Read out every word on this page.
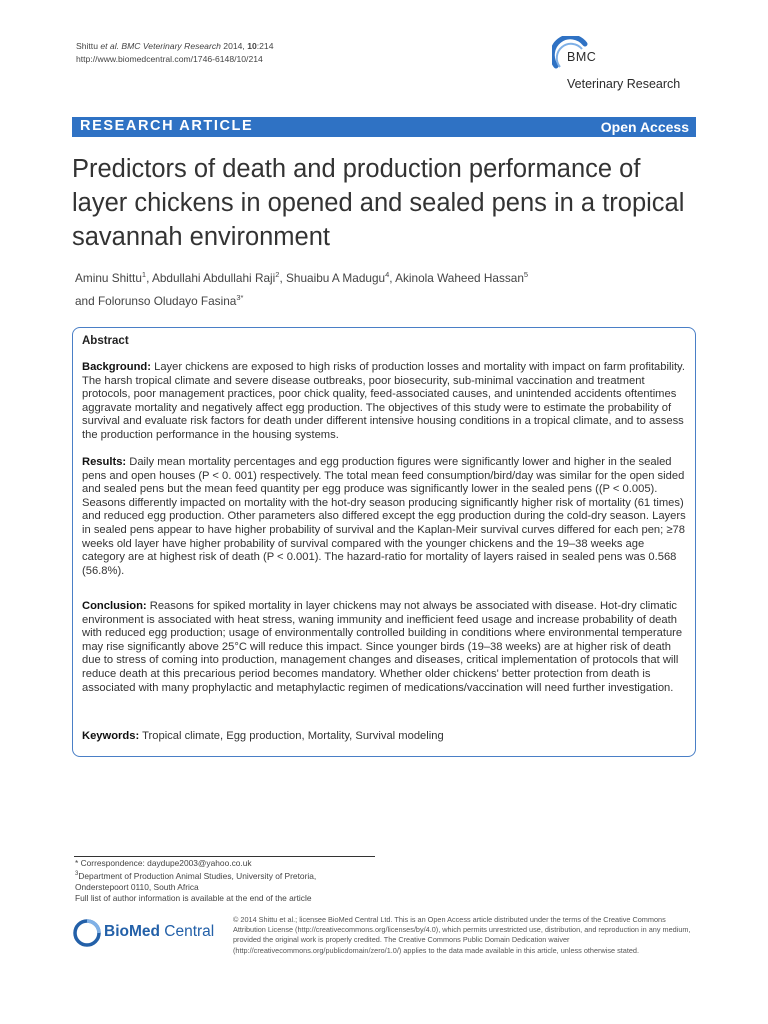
Shittu et al. BMC Veterinary Research 2014, 10:214
http://www.biomedcentral.com/1746-6148/10/214	BMC
Veterinary Research
RESEARCH ARTICLE	Open Access
Predictors of death and production performance of layer chickens in opened and sealed pens in a tropical savannah environment
Aminu Shittu$^1$, Abdullahi Abdullahi Raji$^2$, Shuaibu A Madugu$^4$, Akinola Waheed Hassan$^5$
and Folorunso Oludayo Fasina$^{3*}$
Abstract

Background: Layer chickens are exposed to high risks of production losses and mortality with impact on farm profitability. The harsh tropical climate and severe disease outbreaks, poor biosecurity, sub-minimal vaccination and treatment protocols, poor management practices, poor chick quality, feed-associated causes, and unintended accidents oftentimes aggravate mortality and negatively affect egg production. The objectives of this study were to estimate the probability of survival and evaluate risk factors for death under different intensive housing conditions in a tropical climate, and to assess the production performance in the housing systems.

Results: Daily mean mortality percentages and egg production figures were significantly lower and higher in the sealed pens and open houses (P < 0. 001) respectively. The total mean feed consumption/bird/day was similar for the open sided and sealed pens but the mean feed quantity per egg produce was significantly lower in the sealed pens ((P < 0.005). Seasons differently impacted on mortality with the hot-dry season producing significantly higher risk of mortality (61 times) and reduced egg production. Other parameters also differed except the egg production during the cold-dry season. Layers in sealed pens appear to have higher probability of survival and the Kaplan-Meir survival curves differed for each pen; ≥78 weeks old layer have higher probability of survival compared with the younger chickens and the 19–38 weeks age category are at highest risk of death (P < 0.001). The hazard-ratio for mortality of layers raised in sealed pens was 0.568 (56.8%).

Conclusion: Reasons for spiked mortality in layer chickens may not always be associated with disease. Hot-dry climatic environment is associated with heat stress, waning immunity and inefficient feed usage and increase probability of death with reduced egg production; usage of environmentally controlled building in conditions where environmental temperature may rise significantly above 25°C will reduce this impact. Since younger birds (19–38 weeks) are at higher risk of death due to stress of coming into production, management changes and diseases, critical implementation of protocols that will reduce death at this precarious period becomes mandatory. Whether older chickens' better protection from death is associated with many prophylactic and metaphylactic regimen of medications/vaccination will need further investigation.

Keywords: Tropical climate, Egg production, Mortality, Survival modeling

* Correspondence: daydupe2003@yahoo.co.uk
$^3$Department of Production Animal Studies, University of Pretoria,
Onderstepoort 0110, South Africa
Full list of author information is available at the end of the article
BioMed Central
© 2014 Shittu et al.; licensee BioMed Central Ltd. This is an Open Access article distributed under the terms of the Creative Commons Attribution License (http://creativecommons.org/licenses/by/4.0), which permits unrestricted use, distribution, and reproduction in any medium, provided the original work is properly credited. The Creative Commons Public Domain Dedication waiver (http://creativecommons.org/publicdomain/zero/1.0/) applies to the data made available in this article, unless otherwise stated.
